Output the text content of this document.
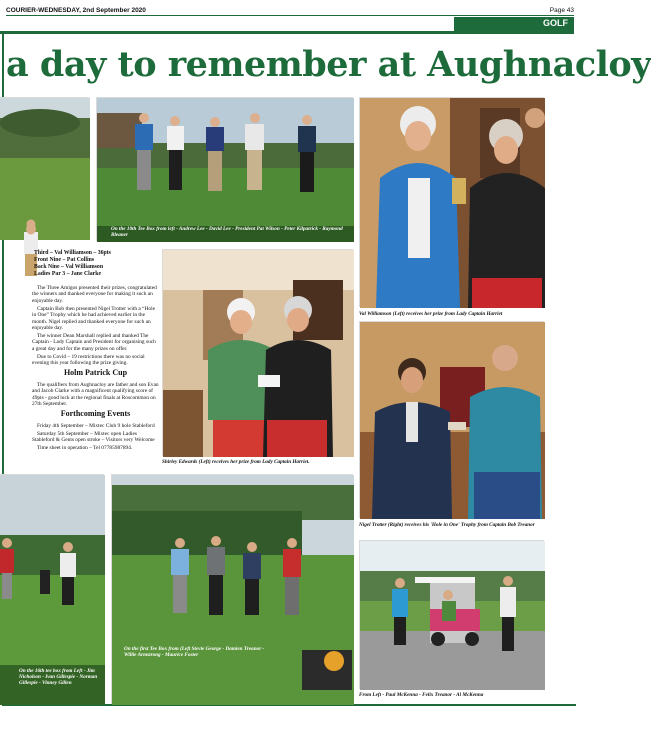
COURIER-WEDNESDAY, 2nd September 2020	Page 43
GOLF
a day to remember at Aughnacloy
On the 10th Tee Box from left - Andrew Lee - David Lee - President Pat Wilson - Peter Kilpatrick - Raymond Bleaner
Val Williamson (Left) receives her prize from Lady Captain Harriet
Third – Val Williamson – 36pts
Front Nine – Pat Collins
Back Nine – Val Williamson
Ladies Par 3 – Jane Clarke

The Three Amigos presented their prizes, congratulated the winners and thanked everyone for making it such an enjoyable day.

Captain Bob then presented Nigel Trotter with a “Hole in One” Trophy which he had achieved earlier in the month. Nigel replied and thanked everyone for such an enjoyable day.

The winner Dean Marshall replied and thanked The Captain - Lady Captain and President for organising such a great day and for the many prizes on offer.

Due to Covid – 19 restrictions there was no social evening this year following the prize giving.

Holm Patrick Cup

The qualifiers from Aughnacloy are father and son Evan and Jacob Clarke with a magnificent qualifying score of 49pts - good luck at the regional finals at Roscommon on 27th September.

Forthcoming Events

Friday 4th September – Mixtec Club 9 hole Stableford

Saturday 5th September – Mixtec open Ladies Stableford & Gents open stroke – Visitors very Welcome

Time sheet in operation – Tel 07785987894.

Shirley Edwards (Left) receives her prize from Lady Captain Harriet.
Nigel Trotter (Right) receives his 'Hole in One' Trophy from Captain Bob Treanor
On the 16th tee box from Left - Jim Nicholson - Ivan Gillespie - Norman Gillespie - Vinney Gillen
On the first Tee Box from (Left Stevie George - Damien Treanor - Willie Armstrong - Maurice Foster
From Left - Paul McKenna - Felix Treanor - Al McKenna
